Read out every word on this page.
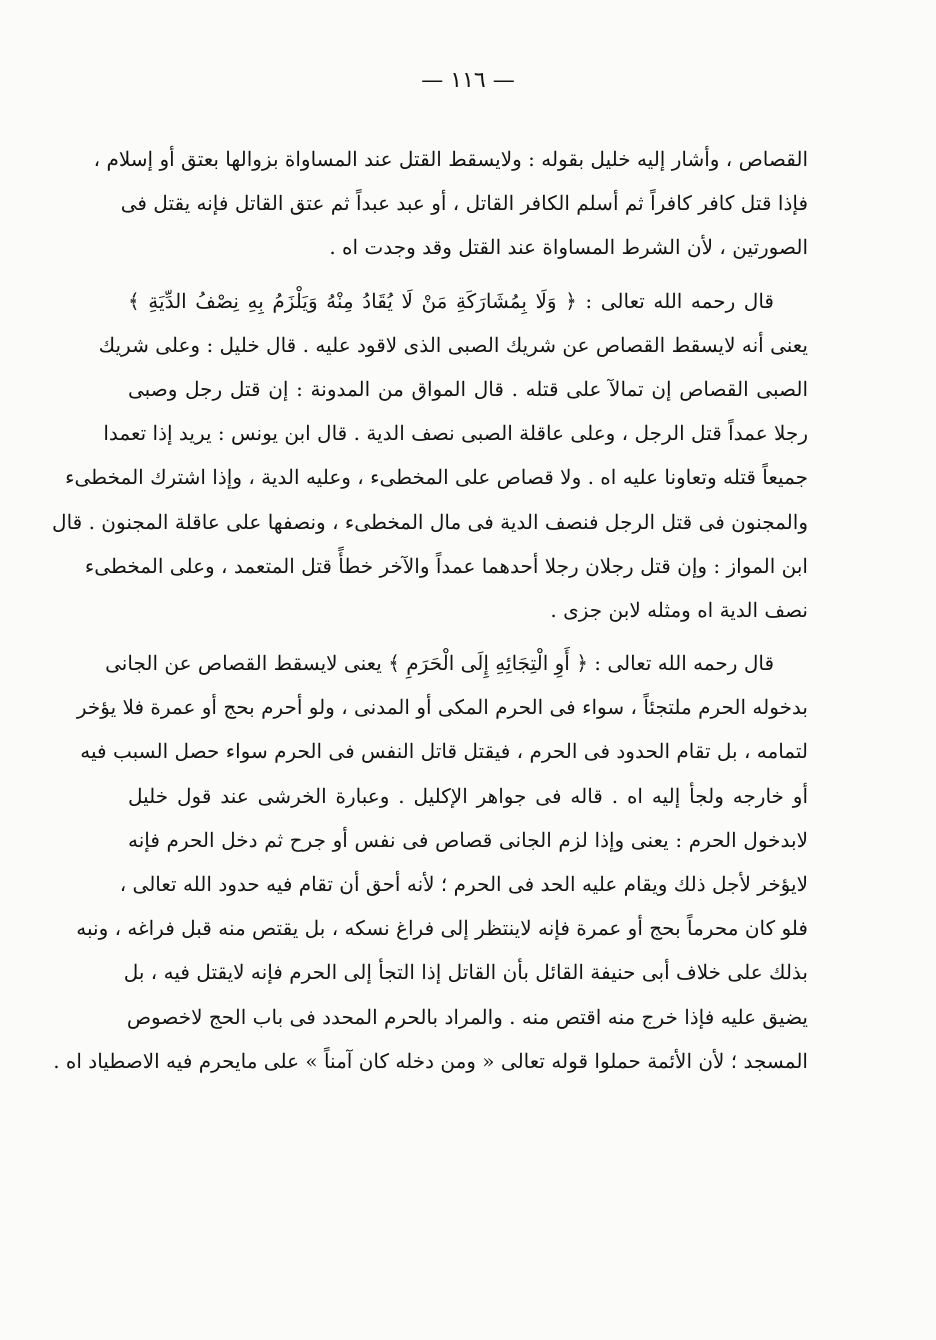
— ١١٦ —
القصاص ، وأشار إليه خليل بقوله : ولايسقط القتل عند المساواة بزوالها بعتق أو إسلام ،
فإذا قتل كافر كافراً ثم أسلم الكافر القاتل ، أو عبد عبداً ثم عتق القاتل فإنه يقتل فى
الصورتين ، لأن الشرط المساواة عند القتل وقد وجدت اه .
قال رحمه الله تعالى : ﴿ وَلَا بِمُشَارَكَةِ مَنْ لَا يُقَادُ مِنْهُ وَيَلْزَمُ بِهِ نِصْفُ الدِّيَةِ ﴾
يعنى أنه لايسقط القصاص عن شريك الصبى الذى لاقود عليه . قال خليل : وعلى شريك
الصبى القصاص إن تمالآ على قتله . قال المواق من المدونة : إن قتل رجل وصبى
رجلا عمداً قتل الرجل ، وعلى عاقلة الصبى نصف الدية . قال ابن يونس : يريد إذا تعمدا
جميعاً قتله وتعاونا عليه اه . ولا قصاص على المخطىء ، وعليه الدية ، وإذا اشترك المخطىء
والمجنون فى قتل الرجل فنصف الدية فى مال المخطىء ، ونصفها على عاقلة المجنون . قال
ابن المواز : وإن قتل رجلان رجلا أحدهما عمداً والآخر خطأً قتل المتعمد ، وعلى المخطىء
نصف الدية اه ومثله لابن جزى .
قال رحمه الله تعالى : ﴿ أَوِ الْتِجَائِهِ إِلَى الْحَرَمِ ﴾ يعنى لايسقط القصاص عن الجانى
بدخوله الحرم ملتجئاً ، سواء فى الحرم المكى أو المدنى ، ولو أحرم بحج أو عمرة فلا يؤخر
لتمامه ، بل تقام الحدود فى الحرم ، فيقتل قاتل النفس فى الحرم سواء حصل السبب فيه
أو خارجه ولجأ إليه اه . قاله فى جواهر الإكليل . وعبارة الخرشى عند قول خليل
لابدخول الحرم : يعنى وإذا لزم الجانى قصاص فى نفس أو جرح ثم دخل الحرم فإنه
لايؤخر لأجل ذلك ويقام عليه الحد فى الحرم ؛ لأنه أحق أن تقام فيه حدود الله تعالى ،
فلو كان محرماً بحج أو عمرة فإنه لاينتظر إلى فراغ نسكه ، بل يقتص منه قبل فراغه ، ونبه
بذلك على خلاف أبى حنيفة القائل بأن القاتل إذا التجأ إلى الحرم فإنه لايقتل فيه ، بل
يضيق عليه فإذا خرج منه اقتص منه . والمراد بالحرم المحدد فى باب الحج لاخصوص
المسجد ؛ لأن الأئمة حملوا قوله تعالى « ومن دخله كان آمناً » على مايحرم فيه الاصطياد اه .
